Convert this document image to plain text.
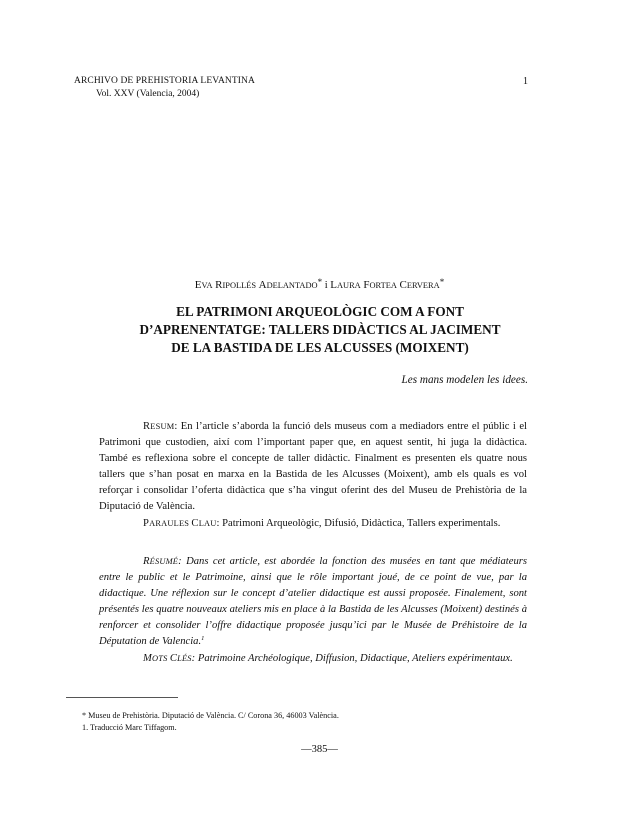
ARCHIVO DE PREHISTORIA LEVANTINA
Vol. XXV (Valencia, 2004)
1
EVA RIPOLLÉS ADELANTADO* i LAURA FORTEA CERVERA*
EL PATRIMONI ARQUEOLÒGIC COM A FONT
D’APRENENTATGE: TALLERS DIDÀCTICS AL JACIMENT
DE LA BASTIDA DE LES ALCUSSES (MOIXENT)
Les mans modelen les idees.

RESUM: En l’article s’aborda la funció dels museus com a mediadors entre el públic i el Patrimoni que custodien, així com l’important paper que, en aquest sentit, hi juga la didàctica. També es reflexiona sobre el concepte de taller didàctic. Finalment es presenten els quatre nous tallers que s’han posat en marxa en la Bastida de les Alcusses (Moixent), amb els quals es vol reforçar i consolidar l’oferta didàctica que s’ha vingut oferint des del Museu de Prehistòria de la Diputació de València.

PARAULES CLAU: Patrimoni Arqueològic, Difusió, Didàctica, Tallers experimentals.

RÉSUMÉ: Dans cet article, est abordée la fonction des musées en tant que médiateurs entre le public et le Patrimoine, ainsi que le rôle important joué, de ce point de vue, par la didactique. Une réflexion sur le concept d’atelier didactique est aussi proposée. Finalement, sont présentés les quatre nouveaux ateliers mis en place à la Bastida de les Alcusses (Moixent) destinés à renforcer et consolider l’offre didactique proposée jusqu’ici par le Musée de Préhistoire de la Députation de Valencia.$^1$

MOTS CLÉS: Patrimoine Archéologique, Diffusion, Didactique, Ateliers expérimentaux.

* Museu de Prehistòria. Diputació de València. C/ Corona 36, 46003 València.
1. Traducció Marc Tiffagom.
—385—
